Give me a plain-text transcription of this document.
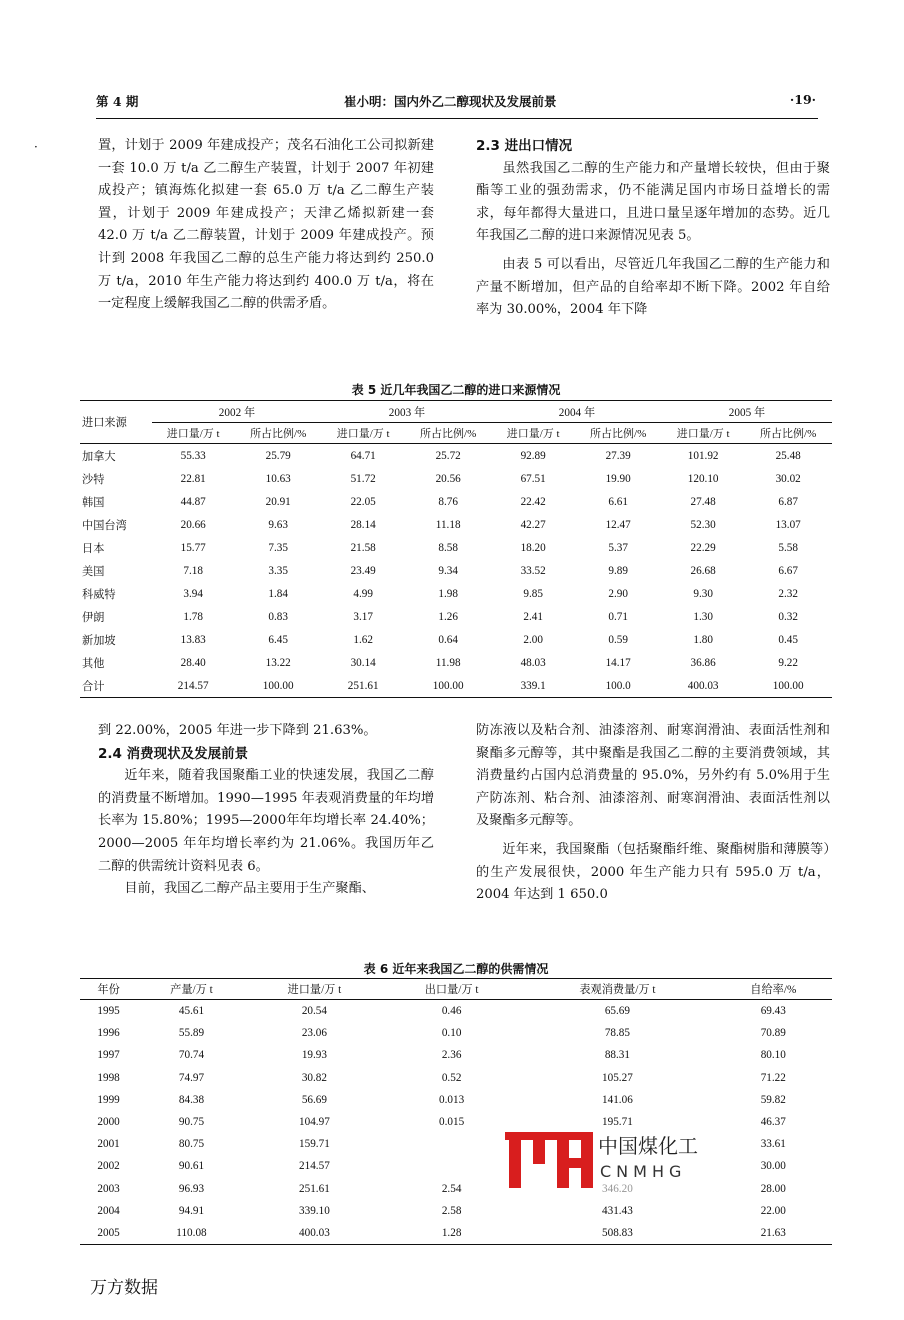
第 4 期	崔小明：国内外乙二醇现状及发展前景	·19·
·	置，计划于 2009 年建成投产；茂名石油化工公司拟新建一套 10.0 万 t/a 乙二醇生产装置，计划于 2007 年初建成投产；镇海炼化拟建一套 65.0 万 t/a 乙二醇生产装置，计划于 2009 年建成投产；天津乙烯拟新建一套 42.0 万 t/a 乙二醇装置，计划于 2009 年建成投产。预计到 2008 年我国乙二醇的总生产能力将达到约 250.0 万 t/a，2010 年生产能力将达到约 400.0 万 t/a，将在一定程度上缓解我国乙二醇的供需矛盾。

2.3 进出口情况

虽然我国乙二醇的生产能力和产量增长较快，但由于聚酯等工业的强劲需求，仍不能满足国内市场日益增长的需求，每年都得大量进口，且进口量呈逐年增加的态势。近几年我国乙二醇的进口来源情况见表 5。

由表 5 可以看出，尽管近几年我国乙二醇的生产能力和产量不断增加，但产品的自给率却不断下降。2002 年自给率为 30.00%，2004 年下降

表 5 近几年我国乙二醇的进口来源情况
进口来源	2002 年		2003 年		2004 年		2005 年	
	进口量/万 t	所占比例/%	进口量/万 t	所占比例/%	进口量/万 t	所占比例/%	进口量/万 t	所占比例/%
加拿大	55.33	25.79	64.71	25.72	92.89	27.39	101.92	25.48
沙特	22.81	10.63	51.72	20.56	67.51	19.90	120.10	30.02
韩国	44.87	20.91	22.05	8.76	22.42	6.61	27.48	6.87
中国台湾	20.66	9.63	28.14	11.18	42.27	12.47	52.30	13.07
日本	15.77	7.35	21.58	8.58	18.20	5.37	22.29	5.58
美国	7.18	3.35	23.49	9.34	33.52	9.89	26.68	6.67
科威特	3.94	1.84	4.99	1.98	9.85	2.90	9.30	2.32
伊朗	1.78	0.83	3.17	1.26	2.41	0.71	1.30	0.32
新加坡	13.83	6.45	1.62	0.64	2.00	0.59	1.80	0.45
其他	28.40	13.22	30.14	11.98	48.03	14.17	36.86	9.22
合计	214.57	100.00	251.61	100.00	339.1	100.0	400.03	100.00

到 22.00%，2005 年进一步下降到 21.63%。

2.4 消费现状及发展前景

近年来，随着我国聚酯工业的快速发展，我国乙二醇的消费量不断增加。1990—1995 年表观消费量的年均增长率为 15.80%；1995—2000年年均增长率 24.40%；2000—2005 年年均增长率约为 21.06%。我国历年乙二醇的供需统计资料见表 6。

目前，我国乙二醇产品主要用于生产聚酯、

防冻液以及粘合剂、油漆溶剂、耐寒润滑油、表面活性剂和聚酯多元醇等，其中聚酯是我国乙二醇的主要消费领域，其消费量约占国内总消费量的 95.0%，另外约有 5.0%用于生产防冻剂、粘合剂、油漆溶剂、耐寒润滑油、表面活性剂以及聚酯多元醇等。

近年来，我国聚酯（包括聚酯纤维、聚酯树脂和薄膜等）的生产发展很快，2000 年生产能力只有 595.0 万 t/a，2004 年达到 1 650.0

表 6 近年来我国乙二醇的供需情况
年份	产量/万 t	进口量/万 t	出口量/万 t	表观消费量/万 t	自给率/%
1995	45.61	20.54	0.46	65.69	69.43
1996	55.89	23.06	0.10	78.85	70.89
1997	70.74	19.93	2.36	88.31	80.10
1998	74.97	30.82	0.52	105.27	71.22
1999	84.38	56.69	0.013	141.06	59.82
2000	90.75	104.97	0.015	195.71	46.37
2001	80.75	159.71			33.61
2002	90.61	214.57			30.00
2003	96.93	251.61	2.54		28.00
2004	94.91	339.10	2.58	431.43	22.00
2005	110.08	400.03	1.28	508.83	21.63
中国煤化工
CNMHG
万方数据
